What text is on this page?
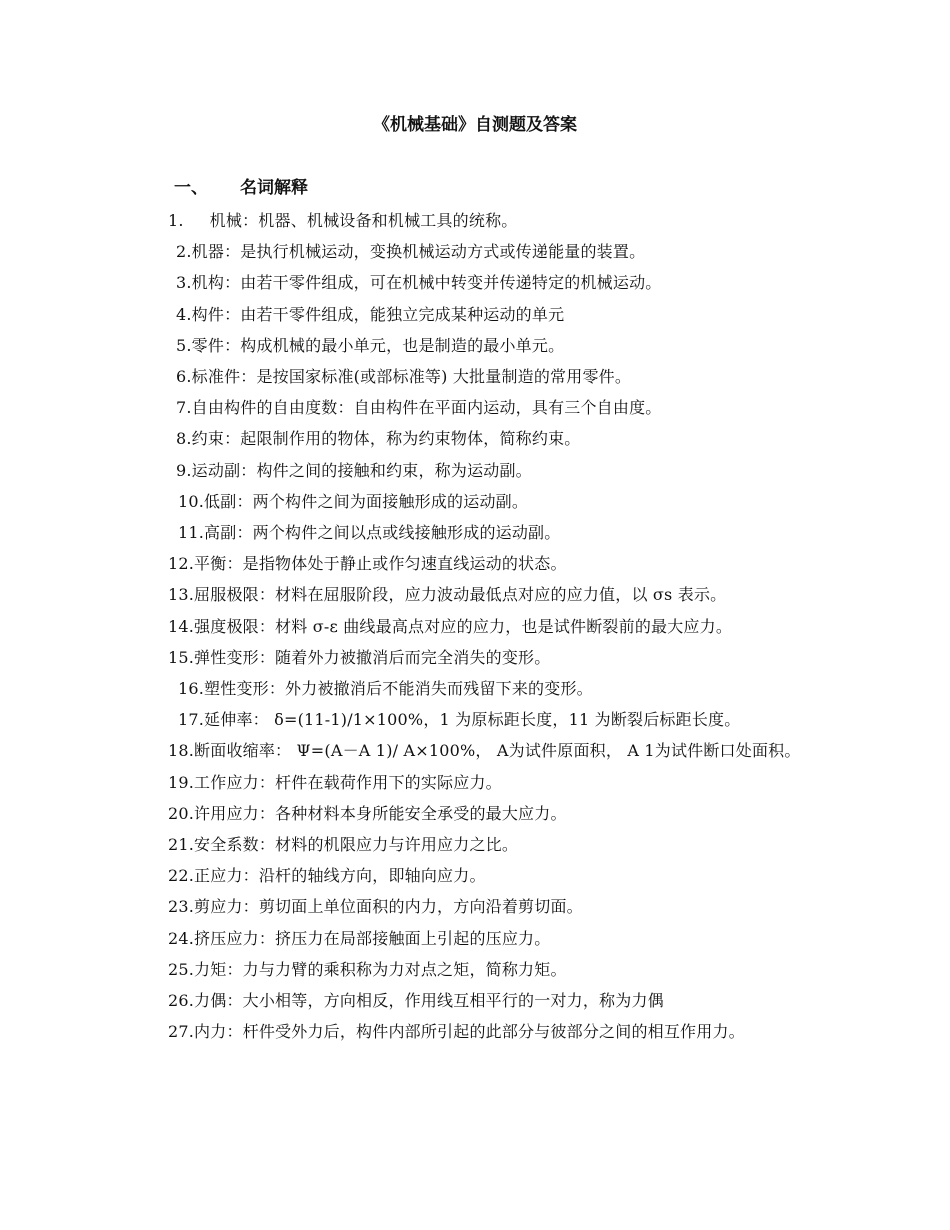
《机械基础》自测题及答案
一、 名词解释
1. 机械：机器、机械设备和机械工具的统称。
2.机器：是执行机械运动，变换机械运动方式或传递能量的装置。
3.机构：由若干零件组成，可在机械中转变并传递特定的机械运动。
4.构件：由若干零件组成，能独立完成某种运动的单元
5.零件：构成机械的最小单元，也是制造的最小单元。
6.标准件：是按国家标准(或部标准等) 大批量制造的常用零件。
7.自由构件的自由度数：自由构件在平面内运动，具有三个自由度。
8.约束：起限制作用的物体，称为约束物体，简称约束。
9.运动副：构件之间的接触和约束，称为运动副。
10.低副：两个构件之间为面接触形成的运动副。
11.高副：两个构件之间以点或线接触形成的运动副。
12.平衡：是指物体处于静止或作匀速直线运动的状态。
13.屈服极限：材料在屈服阶段，应力波动最低点对应的应力值，以 σs 表示。
14.强度极限：材料 σ-ε 曲线最高点对应的应力，也是试件断裂前的最大应力。
15.弹性变形：随着外力被撤消后而完全消失的变形。
16.塑性变形：外力被撤消后不能消失而残留下来的变形。
17.延伸率： δ=(11-1)/1×100%，1 为原标距长度，11 为断裂后标距长度。
18.断面收缩率： Ψ=(A－A 1)/ A×100%， A为试件原面积， A 1为试件断口处面积。
19.工作应力：杆件在载荷作用下的实际应力。
20.许用应力：各种材料本身所能安全承受的最大应力。
21.安全系数：材料的机限应力与许用应力之比。
22.正应力：沿杆的轴线方向，即轴向应力。
23.剪应力：剪切面上单位面积的内力，方向沿着剪切面。
24.挤压应力：挤压力在局部接触面上引起的压应力。
25.力矩：力与力臂的乘积称为力对点之矩，简称力矩。
26.力偶：大小相等，方向相反，作用线互相平行的一对力，称为力偶
27.内力：杆件受外力后，构件内部所引起的此部分与彼部分之间的相互作用力。
